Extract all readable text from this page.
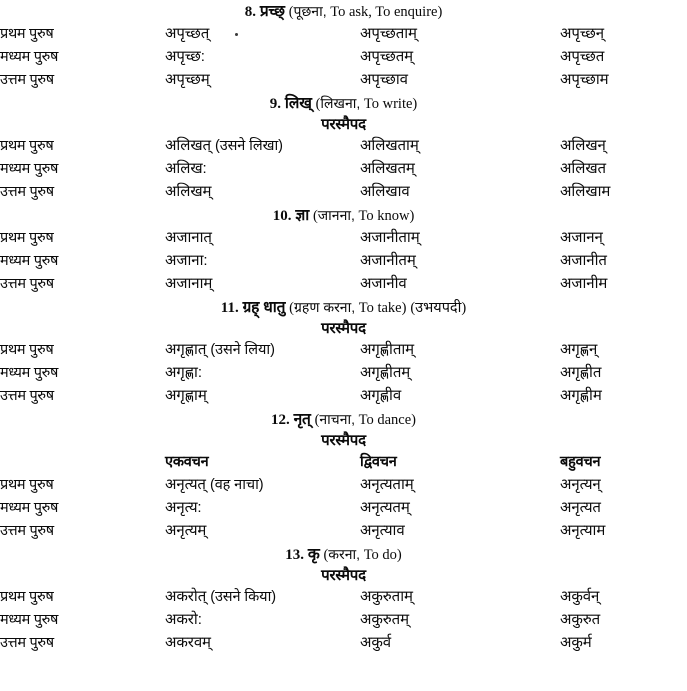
8. प्रच्छ् (पूछना, To ask, To enquire)
प्रथम पुरुष	अपृच्छत्	अपृच्छताम्	अपृच्छन्
मध्यम पुरुष	अपृच्छ:	अपृच्छतम्	अपृच्छत
उत्तम पुरुष	अपृच्छम्	अपृच्छाव	अपृच्छाम
9. लिख् (लिखना, To write)
परस्मैपद
प्रथम पुरुष	अलिखत् (उसने लिखा)	अलिखताम्	अलिखन्
मध्यम पुरुष	अलिख:	अलिखतम्	अलिखत
उत्तम पुरुष	अलिखम्	अलिखाव	अलिखाम
10. ज्ञा (जानना, To know)
प्रथम पुरुष	अजानात्	अजानीताम्	अजानन्
मध्यम पुरुष	अजाना:	अजानीतम्	अजानीत
उत्तम पुरुष	अजानाम्	अजानीव	अजानीम
11. ग्रह् धातु (ग्रहण करना, To take) (उभयपदी)
परस्मैपद
प्रथम पुरुष	अगृह्णात् (उसने लिया)	अगृह्णीताम्	अगृह्णन्
मध्यम पुरुष	अगृह्णा:	अगृह्णीतम्	अगृह्णीत
उत्तम पुरुष	अगृह्णाम्	अगृह्णीव	अगृह्णीम
12. नृत् (नाचना, To dance)
परस्मैपद
	एकवचन	द्विवचन	बहुवचन
प्रथम पुरुष	अनृत्यत् (वह नाचा)	अनृत्यताम्	अनृत्यन्
मध्यम पुरुष	अनृत्य:	अनृत्यतम्	अनृत्यत
उत्तम पुरुष	अनृत्यम्	अनृत्याव	अनृत्याम
13. कृ (करना, To do)
परस्मैपद
प्रथम पुरुष	अकरोत् (उसने किया)	अकुरुताम्	अकुर्वन्
मध्यम पुरुष	अकरो:	अकुरुतम्	अकुरुत
उत्तम पुरुष	अकरवम्	अकुर्व	अकुर्म
